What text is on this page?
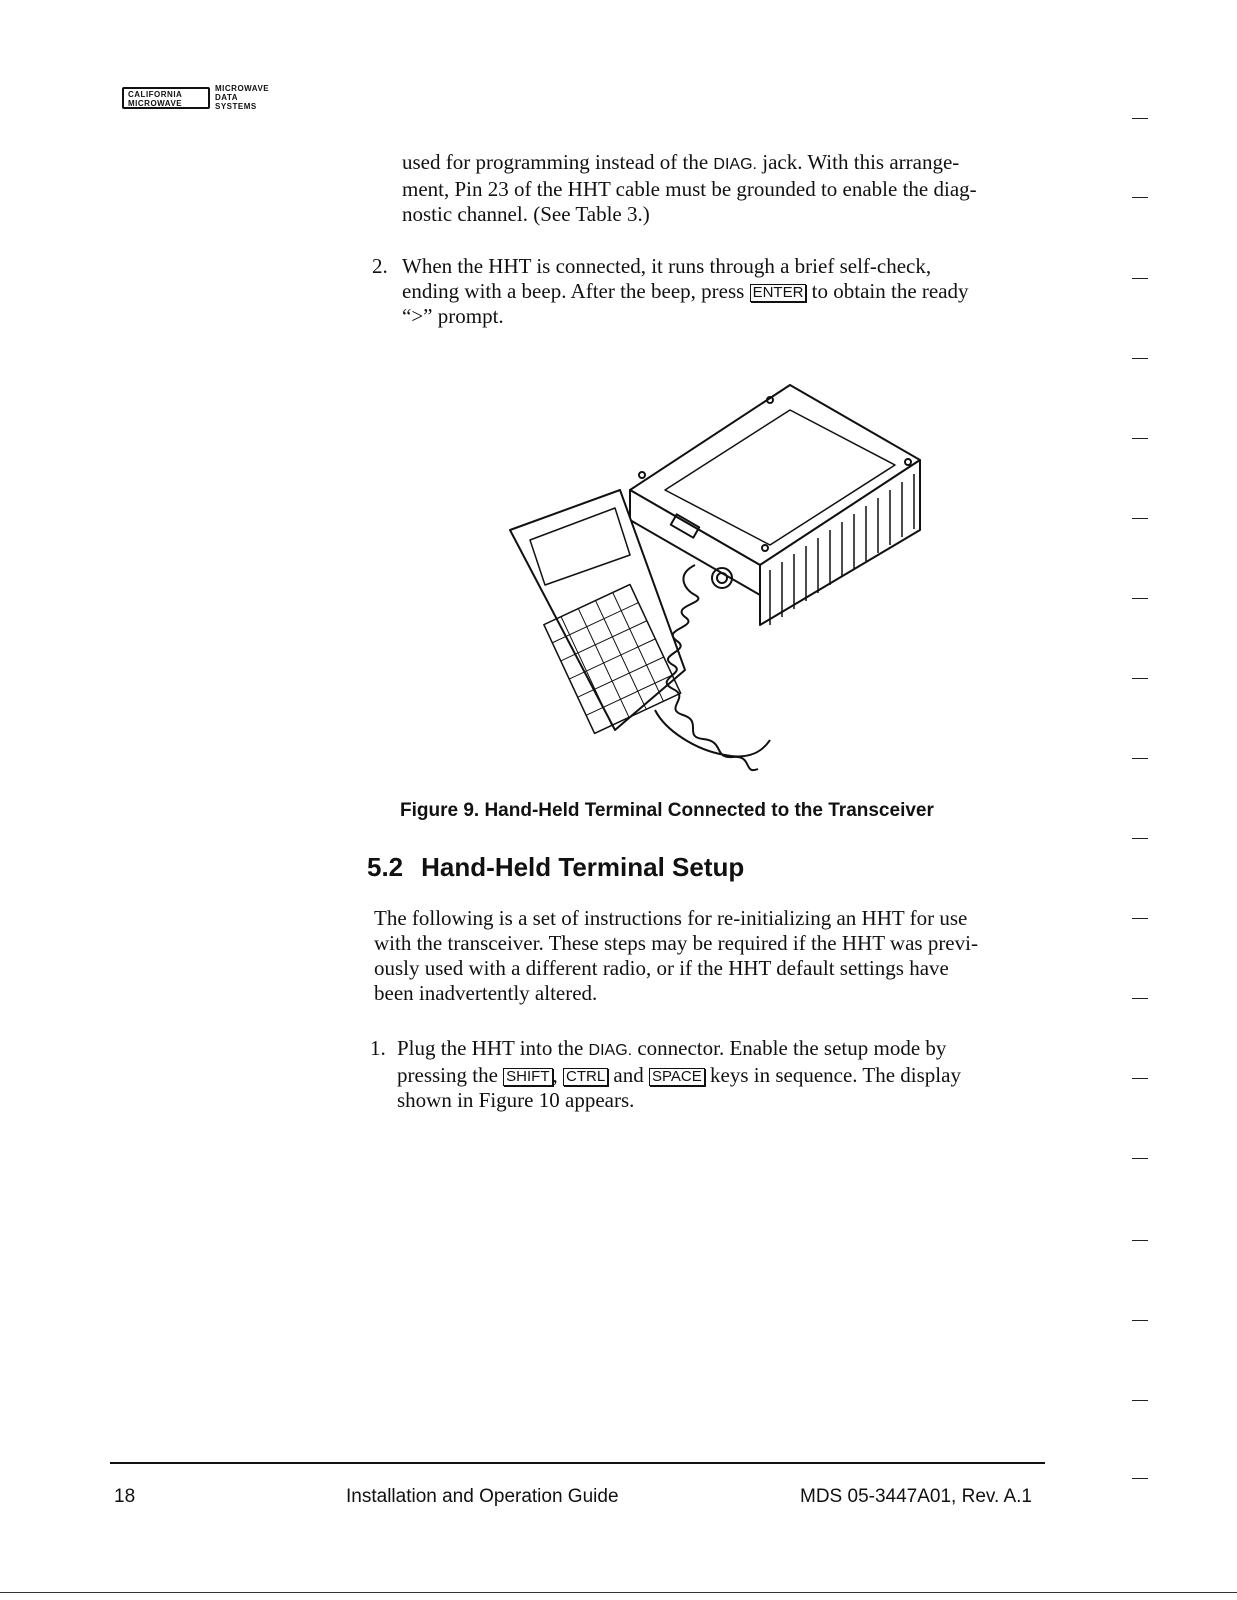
CALIFORNIA
MICROWAVE
MICROWAVE
DATA
SYSTEMS
used for programming instead of the DIAG. jack. With this arrange-
ment, Pin 23 of the HHT cable must be grounded to enable the diag-
nostic channel. (See Table 3.)
2. When the HHT is connected, it runs through a brief self-check,
ending with a beep. After the beep, press ENTER to obtain the ready
“>” prompt.
Figure 9. Hand-Held Terminal Connected to the Transceiver
5.2 Hand-Held Terminal Setup
The following is a set of instructions for re-initializing an HHT for use
with the transceiver. These steps may be required if the HHT was previ-
ously used with a different radio, or if the HHT default settings have
been inadvertently altered.
1. Plug the HHT into the DIAG. connector. Enable the setup mode by
pressing the SHIFT , CTRL and SPACE keys in sequence. The display
shown in Figure 10 appears.
18	Installation and Operation Guide	MDS 05-3447A01, Rev. A.1
